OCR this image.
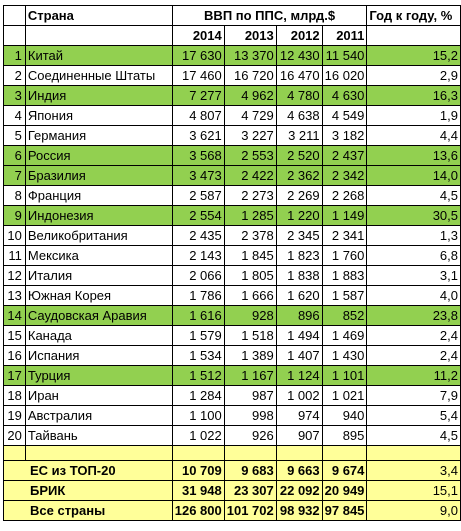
	Страна	ВВП по ППС, млрд.$				Год к году, %
		2014	2013	2012	2011	
1	Китай	17 630	13 370	12 430	11 540	15,2
2	Соединенные Штаты	17 460	16 720	16 470	16 020	2,9
3	Индия	7 277	4 962	4 780	4 630	16,3
4	Япония	4 807	4 729	4 638	4 549	1,9
5	Германия	3 621	3 227	3 211	3 182	4,4
6	Россия	3 568	2 553	2 520	2 437	13,6
7	Бразилия	3 473	2 422	2 362	2 342	14,0
8	Франция	2 587	2 273	2 269	2 268	4,5
9	Индонезия	2 554	1 285	1 220	1 149	30,5
10	Великобритания	2 435	2 378	2 345	2 341	1,3
11	Мексика	2 143	1 845	1 823	1 760	6,8
12	Италия	2 066	1 805	1 838	1 883	3,1
13	Южная Корея	1 786	1 666	1 620	1 587	4,0
14	Саудовская Аравия	1 616	928	896	852	23,8
15	Канада	1 579	1 518	1 494	1 469	2,4
16	Испания	1 534	1 389	1 407	1 430	2,4
17	Турция	1 512	1 167	1 124	1 101	11,2
18	Иран	1 284	987	1 002	1 021	7,9
19	Австралия	1 100	998	974	940	5,4
20	Тайвань	1 022	926	907	895	4,5

ЕС из ТОП-20		10 709	9 683	9 663	9 674	3,4
БРИК		31 948	23 307	22 092	20 949	15,1
Все страны		126 800	101 702	98 932	97 845	9,0
